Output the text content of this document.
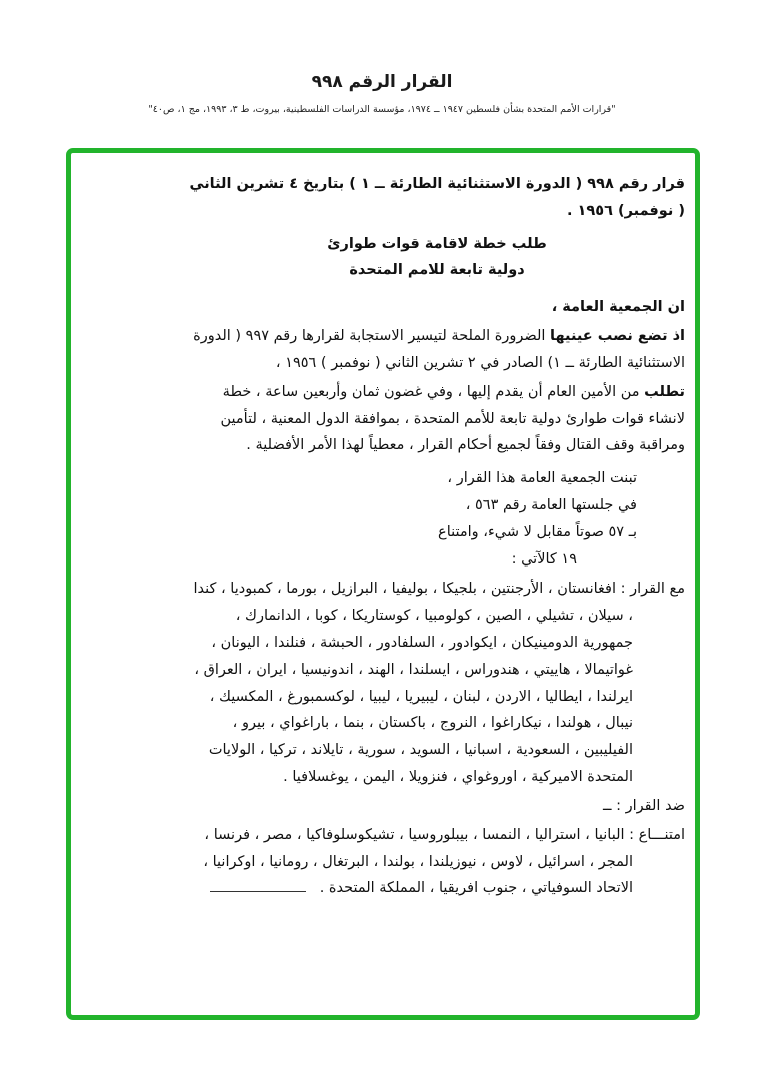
القرار الرقم ٩٩٨
"قرارات الأمم المتحدة بشأن فلسطين ١٩٤٧ ــ ١٩٧٤، مؤسسة الدراسات الفلسطينية، بيروت، ط ٣، ١٩٩٣، مج ١، ص٤٠"

قرار رقم ٩٩٨ ( الدورة الاستثنائية الطارئة ــ ١ ) بتاريخ ٤ تشرين الثاني ( نوفمبر) ١٩٥٦ .

طلب خطة لاقامة قوات طوارئ
دولية تابعة للامم المتحدة

ان الجمعية العامة ،

اذ تضع نصب عينيها الضرورة الملحة لتيسير الاستجابة لقرارها رقم ٩٩٧ ( الدورة الاستثنائية الطارئة ــ ١) الصادر في ٢ تشرين الثاني ( نوفمبر ) ١٩٥٦ ،

تطلب من الأمين العام أن يقدم إليها ، وفي غضون ثمان وأربعين ساعة ، خطة لانشاء قوات طوارئ دولية تابعة للأمم المتحدة ، بموافقة الدول المعنية ، لتأمين ومراقبة وقف القتال وفقاً لجميع أحكام القرار ، معطياً لهذا الأمر الأفضلية .

تبنت الجمعية العامة هذا القرار ،
في جلستها العامة رقم ٥٦٣ ،
بـ ٥٧ صوتاً مقابل لا شيء، وامتناع
١٩ كالآتي :

مع القرار : افغانستان ، الأرجنتين ، بلجيكا ، بوليفيا ، البرازيل ، بورما ، كمبوديا ، كندا ، سيلان ، تشيلي ، الصين ، كولومبيا ، كوستاريكا ، كوبا ، الدانمارك ، جمهورية الدومينيكان ، ايكوادور ، السلفادور ، الحبشة ، فنلندا ، اليونان ، غواتيمالا ، هاييتي ، هندوراس ، ايسلندا ، الهند ، اندونيسيا ، ايران ، العراق ، ايرلندا ، ايطاليا ، الاردن ، لبنان ، ليبيريا ، ليبيا ، لوكسمبورغ ، المكسيك ، نيبال ، هولندا ، نيكاراغوا ، النروج ، باكستان ، بنما ، باراغواي ، بيرو ، الفيليبين ، السعودية ، اسبانيا ، السويد ، سورية ، تايلاند ، تركيا ، الولايات المتحدة الاميركية ، اوروغواي ، فنزويلا ، اليمن ، يوغسلافيا .

ضد القرار : ــ

امتنـــاع : البانيا ، استراليا ، النمسا ، بيبلوروسيا ، تشيكوسلوفاكيا ، مصر ، فرنسا ، المجر ، اسرائيل ، لاوس ، نيوزيلندا ، بولندا ، البرتغال ، رومانيا ، اوكرانيا ، الاتحاد السوفياتي ، جنوب افريقيا ، المملكة المتحدة .
